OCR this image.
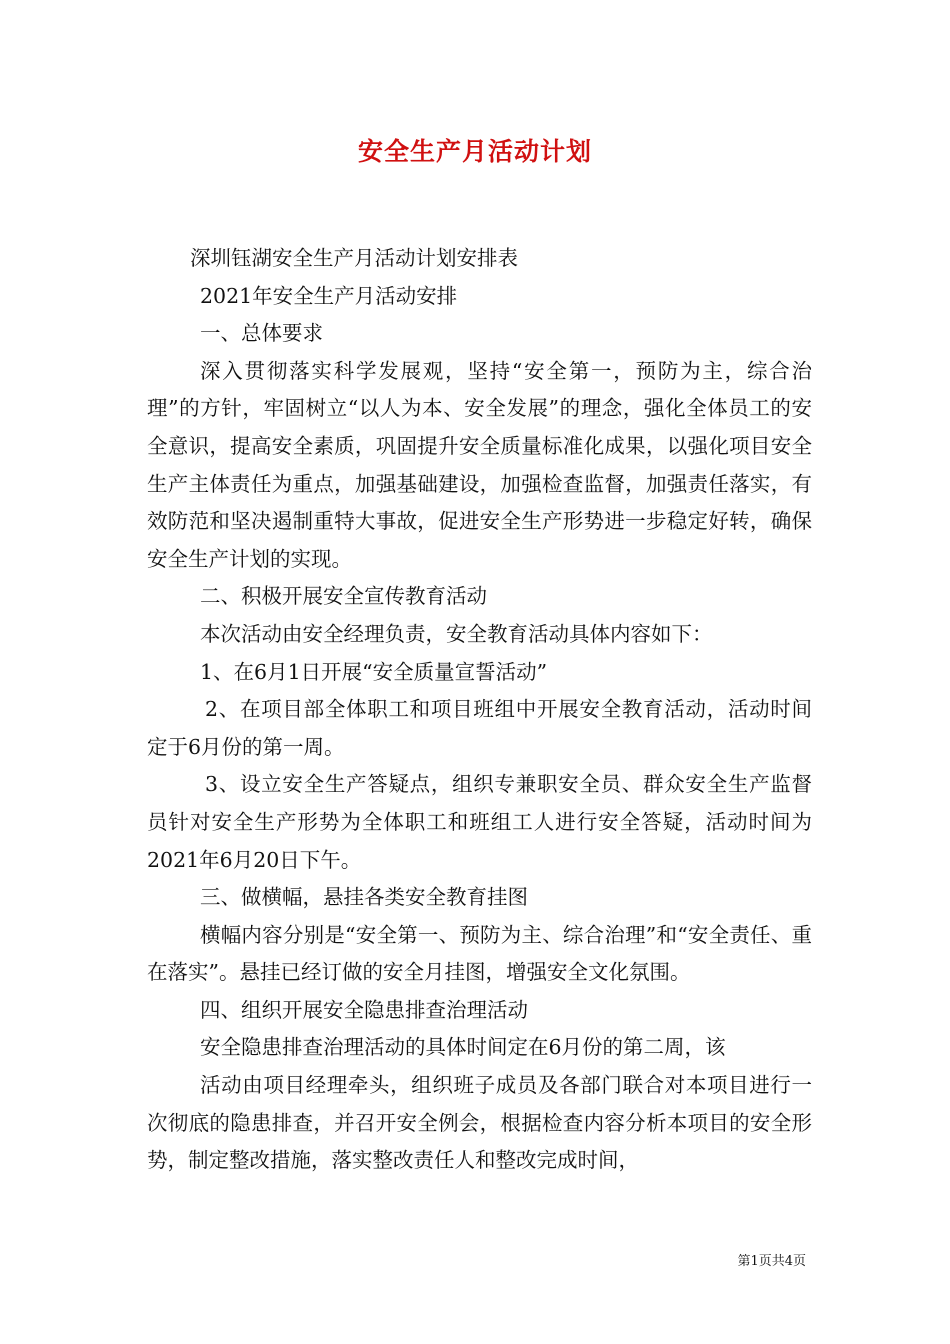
安全生产月活动计划

深圳钰湖安全生产月活动计划安排表

2021年安全生产月活动安排

一、总体要求

深入贯彻落实科学发展观，坚持“安全第一，预防为主，综合治理”的方针，牢固树立“以人为本、安全发展”的理念，强化全体员工的安全意识，提高安全素质，巩固提升安全质量标准化成果，以强化项目安全生产主体责任为重点，加强基础建设，加强检查监督，加强责任落实，有效防范和坚决遏制重特大事故，促进安全生产形势进一步稳定好转，确保安全生产计划的实现。

二、积极开展安全宣传教育活动

本次活动由安全经理负责，安全教育活动具体内容如下：

1、在6月1日开展“安全质量宣誓活动”

2、在项目部全体职工和项目班组中开展安全教育活动，活动时间定于6月份的第一周。

3、设立安全生产答疑点，组织专兼职安全员、群众安全生产监督员针对安全生产形势为全体职工和班组工人进行安全答疑，活动时间为2021年6月20日下午。

三、做横幅，悬挂各类安全教育挂图

横幅内容分别是“安全第一、预防为主、综合治理”和“安全责任、重在落实”。悬挂已经订做的安全月挂图，增强安全文化氛围。

四、组织开展安全隐患排查治理活动

安全隐患排查治理活动的具体时间定在6月份的第二周，该

活动由项目经理牵头，组织班子成员及各部门联合对本项目进行一次彻底的隐患排查，并召开安全例会，根据检查内容分析本项目的安全形势，制定整改措施，落实整改责任人和整改完成时间，

第1页共4页
